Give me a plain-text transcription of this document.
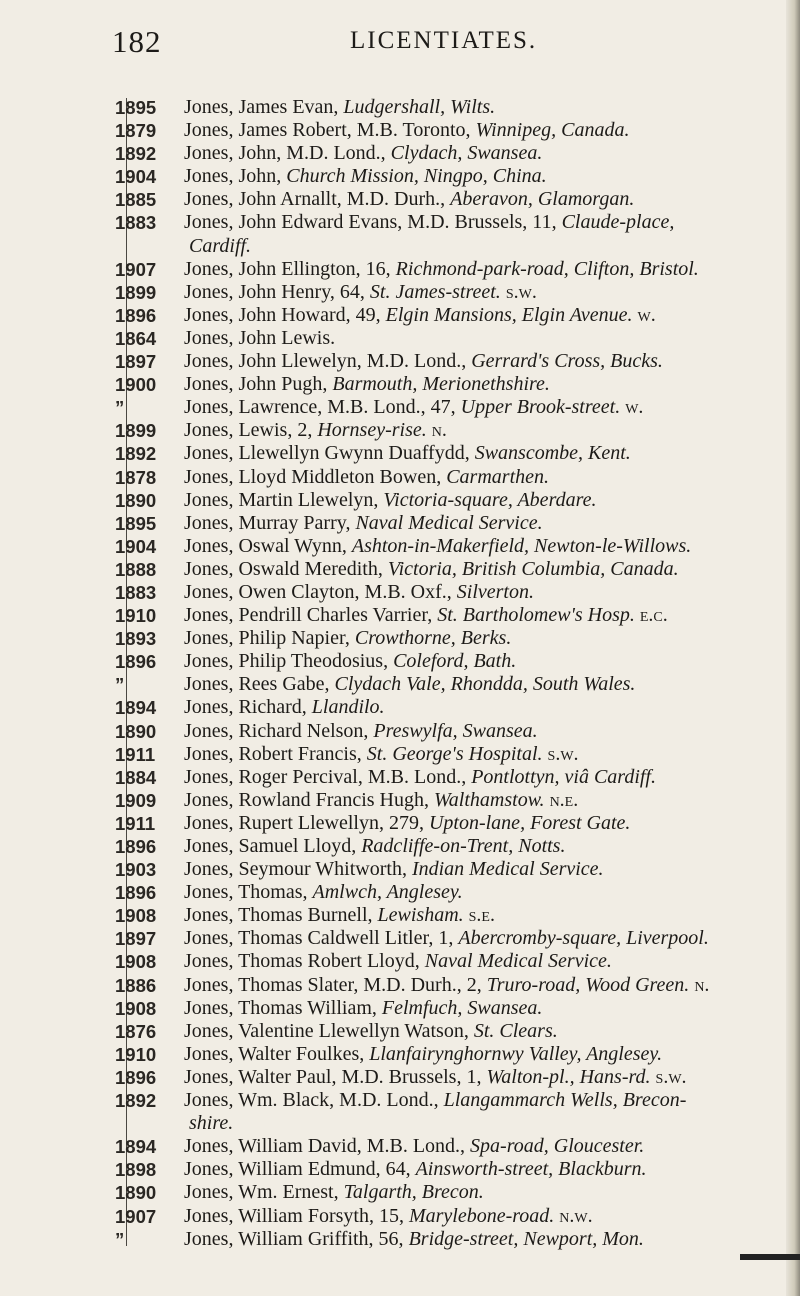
182	LICENTIATES.
1895	Jones, James Evan, Ludgershall, Wilts.
1879	Jones, James Robert, M.B. Toronto, Winnipeg, Canada.
1892	Jones, John, M.D. Lond., Clydach, Swansea.
1904	Jones, John, Church Mission, Ningpo, China.
1885	Jones, John Arnallt, M.D. Durh., Aberavon, Glamorgan.
1883	Jones, John Edward Evans, M.D. Brussels, 11, Claude-place,
Cardiff.
1907	Jones, John Ellington, 16, Richmond-park-road, Clifton, Bristol.
1899	Jones, John Henry, 64, St. James-street. s.w.
1896	Jones, John Howard, 49, Elgin Mansions, Elgin Avenue. w.
1864	Jones, John Lewis.
1897	Jones, John Llewelyn, M.D. Lond., Gerrard's Cross, Bucks.
1900	Jones, John Pugh, Barmouth, Merionethshire.
”	Jones, Lawrence, M.B. Lond., 47, Upper Brook-street. w.
1899	Jones, Lewis, 2, Hornsey-rise. n.
1892	Jones, Llewellyn Gwynn Duaffydd, Swanscombe, Kent.
1878	Jones, Lloyd Middleton Bowen, Carmarthen.
1890	Jones, Martin Llewelyn, Victoria-square, Aberdare.
1895	Jones, Murray Parry, Naval Medical Service.
1904	Jones, Oswal Wynn, Ashton-in-Makerfield, Newton-le-Willows.
1888	Jones, Oswald Meredith, Victoria, British Columbia, Canada.
1883	Jones, Owen Clayton, M.B. Oxf., Silverton.
1910	Jones, Pendrill Charles Varrier, St. Bartholomew's Hosp. e.c.
1893	Jones, Philip Napier, Crowthorne, Berks.
1896	Jones, Philip Theodosius, Coleford, Bath.
”	Jones, Rees Gabe, Clydach Vale, Rhondda, South Wales.
1894	Jones, Richard, Llandilo.
1890	Jones, Richard Nelson, Preswylfa, Swansea.
1911	Jones, Robert Francis, St. George's Hospital. s.w.
1884	Jones, Roger Percival, M.B. Lond., Pontlottyn, viâ Cardiff.
1909	Jones, Rowland Francis Hugh, Walthamstow. n.e.
1911	Jones, Rupert Llewellyn, 279, Upton-lane, Forest Gate.
1896	Jones, Samuel Lloyd, Radcliffe-on-Trent, Notts.
1903	Jones, Seymour Whitworth, Indian Medical Service.
1896	Jones, Thomas, Amlwch, Anglesey.
1908	Jones, Thomas Burnell, Lewisham. s.e.
1897	Jones, Thomas Caldwell Litler, 1, Abercromby-square, Liverpool.
1908	Jones, Thomas Robert Lloyd, Naval Medical Service.
1886	Jones, Thomas Slater, M.D. Durh., 2, Truro-road, Wood Green. n.
1908	Jones, Thomas William, Felmfuch, Swansea.
1876	Jones, Valentine Llewellyn Watson, St. Clears.
1910	Jones, Walter Foulkes, Llanfairynghornwy Valley, Anglesey.
1896	Jones, Walter Paul, M.D. Brussels, 1, Walton-pl., Hans-rd. s.w.
1892	Jones, Wm. Black, M.D. Lond., Llangammarch Wells, Brecon-
shire.
1894	Jones, William David, M.B. Lond., Spa-road, Gloucester.
1898	Jones, William Edmund, 64, Ainsworth-street, Blackburn.
1890	Jones, Wm. Ernest, Talgarth, Brecon.
1907	Jones, William Forsyth, 15, Marylebone-road. n.w.
”	Jones, William Griffith, 56, Bridge-street, Newport, Mon.
